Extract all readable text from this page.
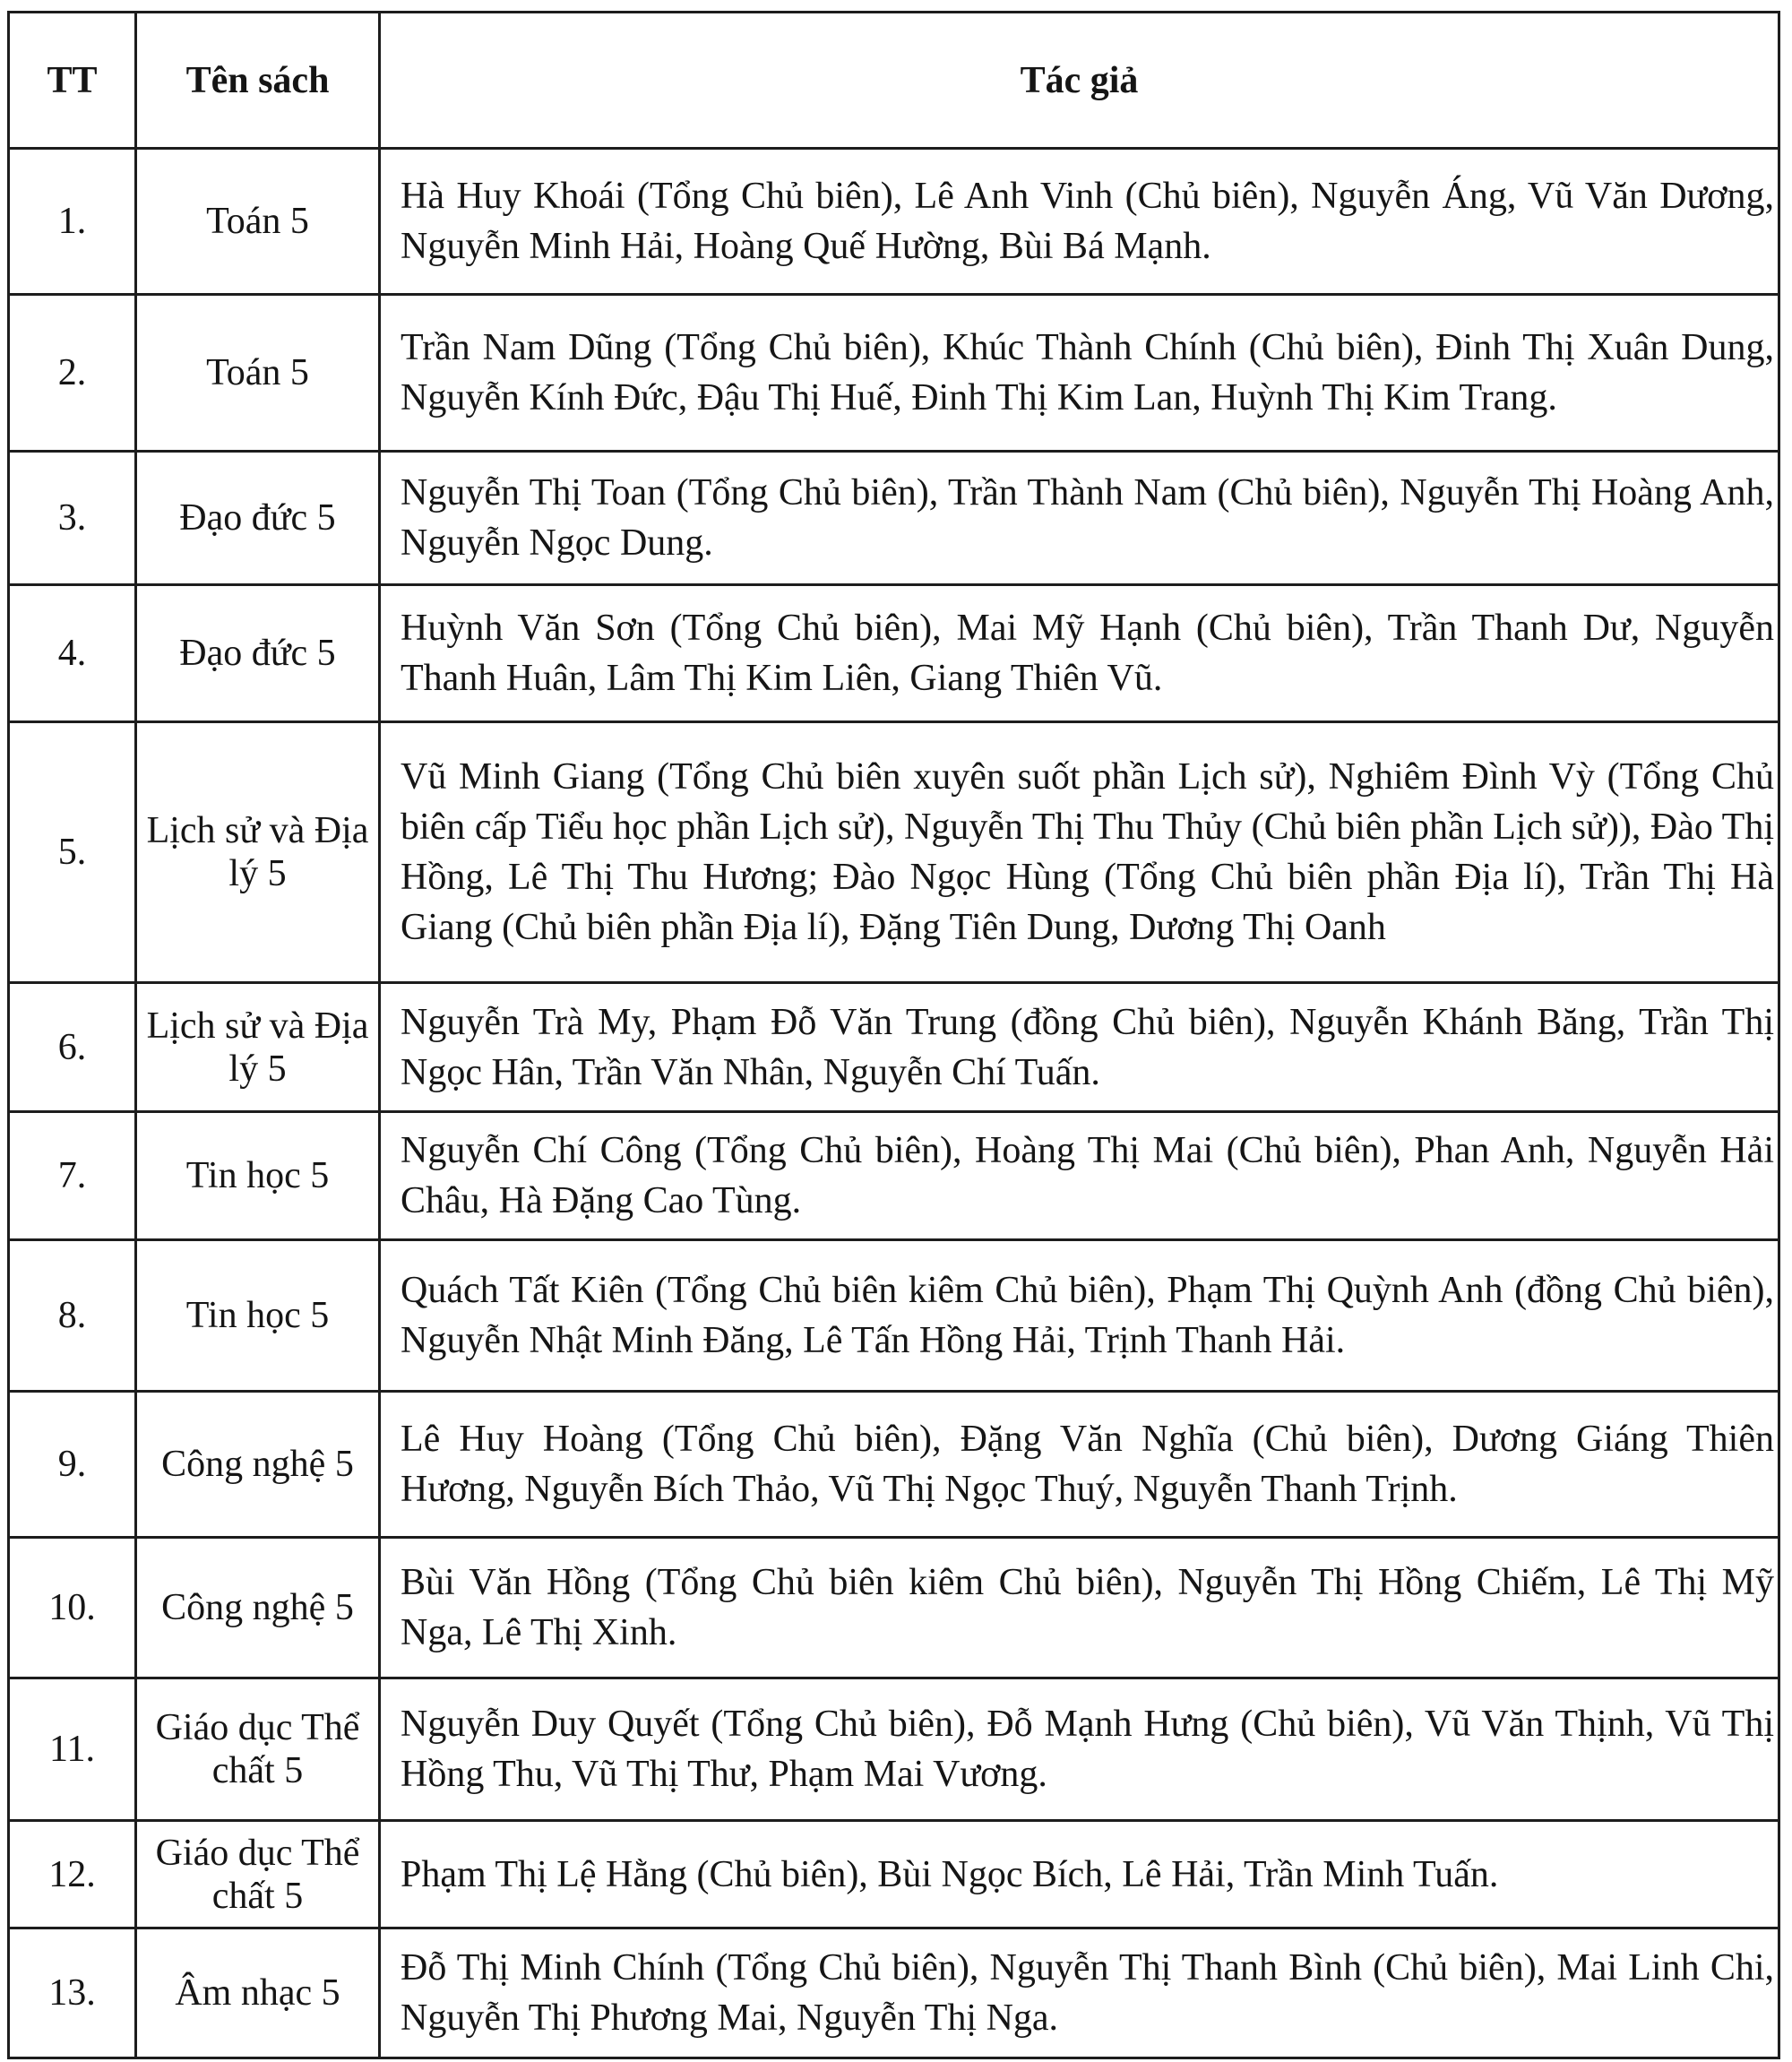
TT	Tên sách	Tác giả
1.	Toán 5	Hà Huy Khoái (Tổng Chủ biên), Lê Anh Vinh (Chủ biên), Nguyễn Áng, Vũ Văn Dương, Nguyễn Minh Hải, Hoàng Quế Hường, Bùi Bá Mạnh.
2.	Toán 5	Trần Nam Dũng (Tổng Chủ biên), Khúc Thành Chính (Chủ biên), Đinh Thị Xuân Dung, Nguyễn Kính Đức, Đậu Thị Huế, Đinh Thị Kim Lan, Huỳnh Thị Kim Trang.
3.	Đạo đức 5	Nguyễn Thị Toan (Tổng Chủ biên), Trần Thành Nam (Chủ biên), Nguyễn Thị Hoàng Anh, Nguyễn Ngọc Dung.
4.	Đạo đức 5	Huỳnh Văn Sơn (Tổng Chủ biên), Mai Mỹ Hạnh (Chủ biên), Trần Thanh Dư, Nguyễn Thanh Huân, Lâm Thị Kim Liên, Giang Thiên Vũ.
5.	Lịch sử và Địa lý 5	Vũ Minh Giang (Tổng Chủ biên xuyên suốt phần Lịch sử), Nghiêm Đình Vỳ (Tổng Chủ biên cấp Tiểu học phần Lịch sử), Nguyễn Thị Thu Thủy (Chủ biên phần Lịch sử)), Đào Thị Hồng, Lê Thị Thu Hương; Đào Ngọc Hùng (Tổng Chủ biên phần Địa lí), Trần Thị Hà Giang (Chủ biên phần Địa lí), Đặng Tiên Dung, Dương Thị Oanh
6.	Lịch sử và Địa lý 5	Nguyễn Trà My, Phạm Đỗ Văn Trung (đồng Chủ biên), Nguyễn Khánh Băng, Trần Thị Ngọc Hân, Trần Văn Nhân, Nguyễn Chí Tuấn.
7.	Tin học 5	Nguyễn Chí Công (Tổng Chủ biên), Hoàng Thị Mai (Chủ biên), Phan Anh, Nguyễn Hải Châu, Hà Đặng Cao Tùng.
8.	Tin học 5	Quách Tất Kiên (Tổng Chủ biên kiêm Chủ biên), Phạm Thị Quỳnh Anh (đồng Chủ biên), Nguyễn Nhật Minh Đăng, Lê Tấn Hồng Hải, Trịnh Thanh Hải.
9.	Công nghệ 5	Lê Huy Hoàng (Tổng Chủ biên), Đặng Văn Nghĩa (Chủ biên), Dương Giáng Thiên Hương, Nguyễn Bích Thảo, Vũ Thị Ngọc Thuý, Nguyễn Thanh Trịnh.
10.	Công nghệ 5	Bùi Văn Hồng (Tổng Chủ biên kiêm Chủ biên), Nguyễn Thị Hồng Chiếm, Lê Thị Mỹ Nga, Lê Thị Xinh.
11.	Giáo dục Thể chất 5	Nguyễn Duy Quyết (Tổng Chủ biên), Đỗ Mạnh Hưng (Chủ biên), Vũ Văn Thịnh, Vũ Thị Hồng Thu, Vũ Thị Thư, Phạm Mai Vương.
12.	Giáo dục Thể chất 5	Phạm Thị Lệ Hằng (Chủ biên), Bùi Ngọc Bích, Lê Hải, Trần Minh Tuấn.
13.	Âm nhạc 5	Đỗ Thị Minh Chính (Tổng Chủ biên), Nguyễn Thị Thanh Bình (Chủ biên), Mai Linh Chi, Nguyễn Thị Phương Mai, Nguyễn Thị Nga.
